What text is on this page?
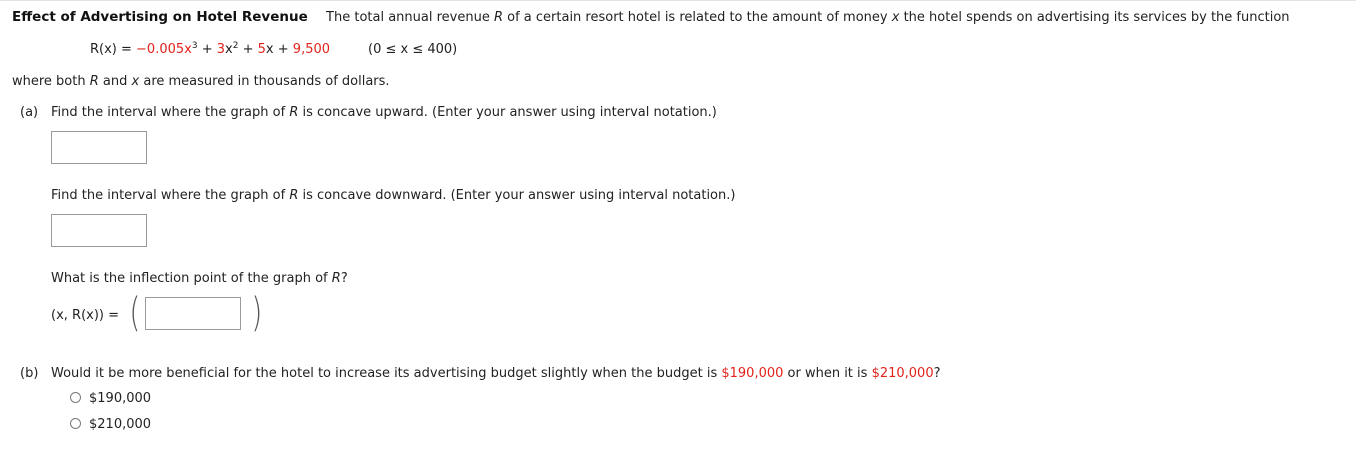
Effect of Advertising on Hotel Revenue The total annual revenue R of a certain resort hotel is related to the amount of money x the hotel spends on advertising its services by the function
$R(x) = -0.005x^3 + 3x^2 + 5x + 9,500$	(0 ≤ x ≤ 400)
where both R and x are measured in thousands of dollars.
(a) Find the interval where the graph of R is concave upward. (Enter your answer using interval notation.)
Find the interval where the graph of R is concave downward. (Enter your answer using interval notation.)
What is the inflection point of the graph of R?
(x, R(x)) = (	)
(b) Would it be more beneficial for the hotel to increase its advertising budget slightly when the budget is $190,000 or when it is $210,000?
$190,000
$210,000
